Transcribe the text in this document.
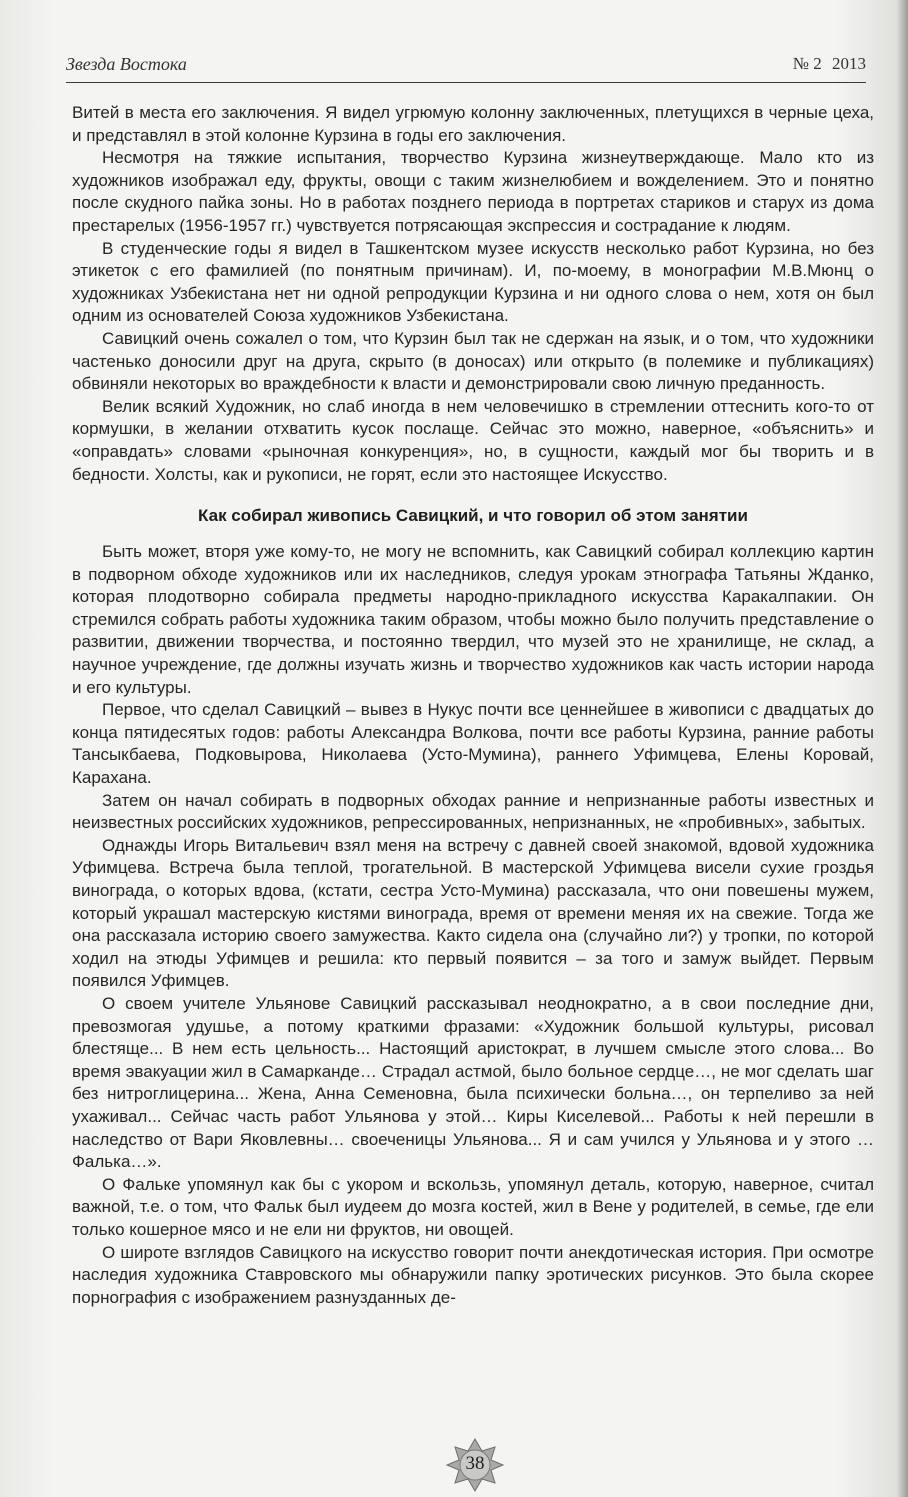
Звезда Востока	№ 2 2013

Витей в места его заключения. Я видел угрюмую колонну заключенных, плетущихся в черные цеха, и представлял в этой колонне Курзина в годы его заключения.

Несмотря на тяжкие испытания, творчество Курзина жизнеутверждающе. Мало кто из художников изображал еду, фрукты, овощи с таким жизнелюбием и вожделением. Это и понятно после скудного пайка зоны. Но в работах позднего периода в портретах стариков и старух из дома престарелых (1956-1957 гг.) чувствуется потрясающая экспрессия и сострадание к людям.

В студенческие годы я видел в Ташкентском музее искусств несколько работ Курзина, но без этикеток с его фамилией (по понятным причинам). И, по-моему, в монографии М.В.Мюнц о художниках Узбекистана нет ни одной репродукции Курзина и ни одного слова о нем, хотя он был одним из основателей Союза художников Узбекистана.

Савицкий очень сожалел о том, что Курзин был так не сдержан на язык, и о том, что художники частенько доносили друг на друга, скрыто (в доносах) или открыто (в полемике и публикациях) обвиняли некоторых во враждебности к власти и демонстрировали свою личную преданность.

Велик всякий Художник, но слаб иногда в нем человечишко в стремлении оттеснить кого-то от кормушки, в желании отхватить кусок послаще. Сейчас это можно, наверное, «объяснить» и «оправдать» словами «рыночная конкуренция», но, в сущности, каждый мог бы творить и в бедности. Холсты, как и рукописи, не горят, если это настоящее Искусство.

Как собирал живопись Савицкий, и что говорил об этом занятии

Быть может, вторя уже кому-то, не могу не вспомнить, как Савицкий собирал коллекцию картин в подворном обходе художников или их наследников, следуя урокам этнографа Татьяны Жданко, которая плодотворно собирала предметы народно-прикладного искусства Каракалпакии. Он стремился собрать работы художника таким образом, чтобы можно было получить представление о развитии, движении творчества, и постоянно твердил, что музей это не хранилище, не склад, а научное учреждение, где должны изучать жизнь и творчество художников как часть истории народа и его культуры.

Первое, что сделал Савицкий – вывез в Нукус почти все ценнейшее в живописи с двадцатых до конца пятидесятых годов: работы Александра Волкова, почти все работы Курзина, ранние работы Тансыкбаева, Подковырова, Николаева (Усто-Мумина), раннего Уфимцева, Елены Коровай, Карахана.

Затем он начал собирать в подворных обходах ранние и непризнанные работы известных и неизвестных российских художников, репрессированных, непризнанных, не «пробивных», забытых.

Однажды Игорь Витальевич взял меня на встречу с давней своей знакомой, вдовой художника Уфимцева. Встреча была теплой, трогательной. В мастерской Уфимцева висели сухие гроздья винограда, о которых вдова, (кстати, сестра Усто-Мумина) рассказала, что они повешены мужем, который украшал мастерскую кистями винограда, время от времени меняя их на свежие. Тогда же она рассказала историю своего замужества. Както сидела она (случайно ли?) у тропки, по которой ходил на этюды Уфимцев и решила: кто первый появится – за того и замуж выйдет. Первым появился Уфимцев.

О своем учителе Ульянове Савицкий рассказывал неоднократно, а в свои последние дни, превозмогая удушье, а потому краткими фразами: «Художник большой культуры, рисовал блестяще... В нем есть цельность... Настоящий аристократ, в лучшем смысле этого слова... Во время эвакуации жил в Самарканде… Страдал астмой, было больное сердце…, не мог сделать шаг без нитроглицерина... Жена, Анна Семеновна, была психически больна…, он терпеливо за ней ухаживал... Сейчас часть работ Ульянова у этой… Киры Киселевой... Работы к ней перешли в наследство от Вари Яковлевны… своеченицы Ульянова... Я и сам учился у Ульянова и у этого … Фалька…».

О Фальке упомянул как бы с укором и вскользь, упомянул деталь, которую, наверное, считал важной, т.е. о том, что Фальк был иудеем до мозга костей, жил в Вене у родителей, в семье, где ели только кошерное мясо и не ели ни фруктов, ни овощей.

О широте взглядов Савицкого на искусство говорит почти анекдотическая история. При осмотре наследия художника Ставровского мы обнаружили папку эротических рисунков. Это была скорее порнография с изображением разнузданных де-

38
